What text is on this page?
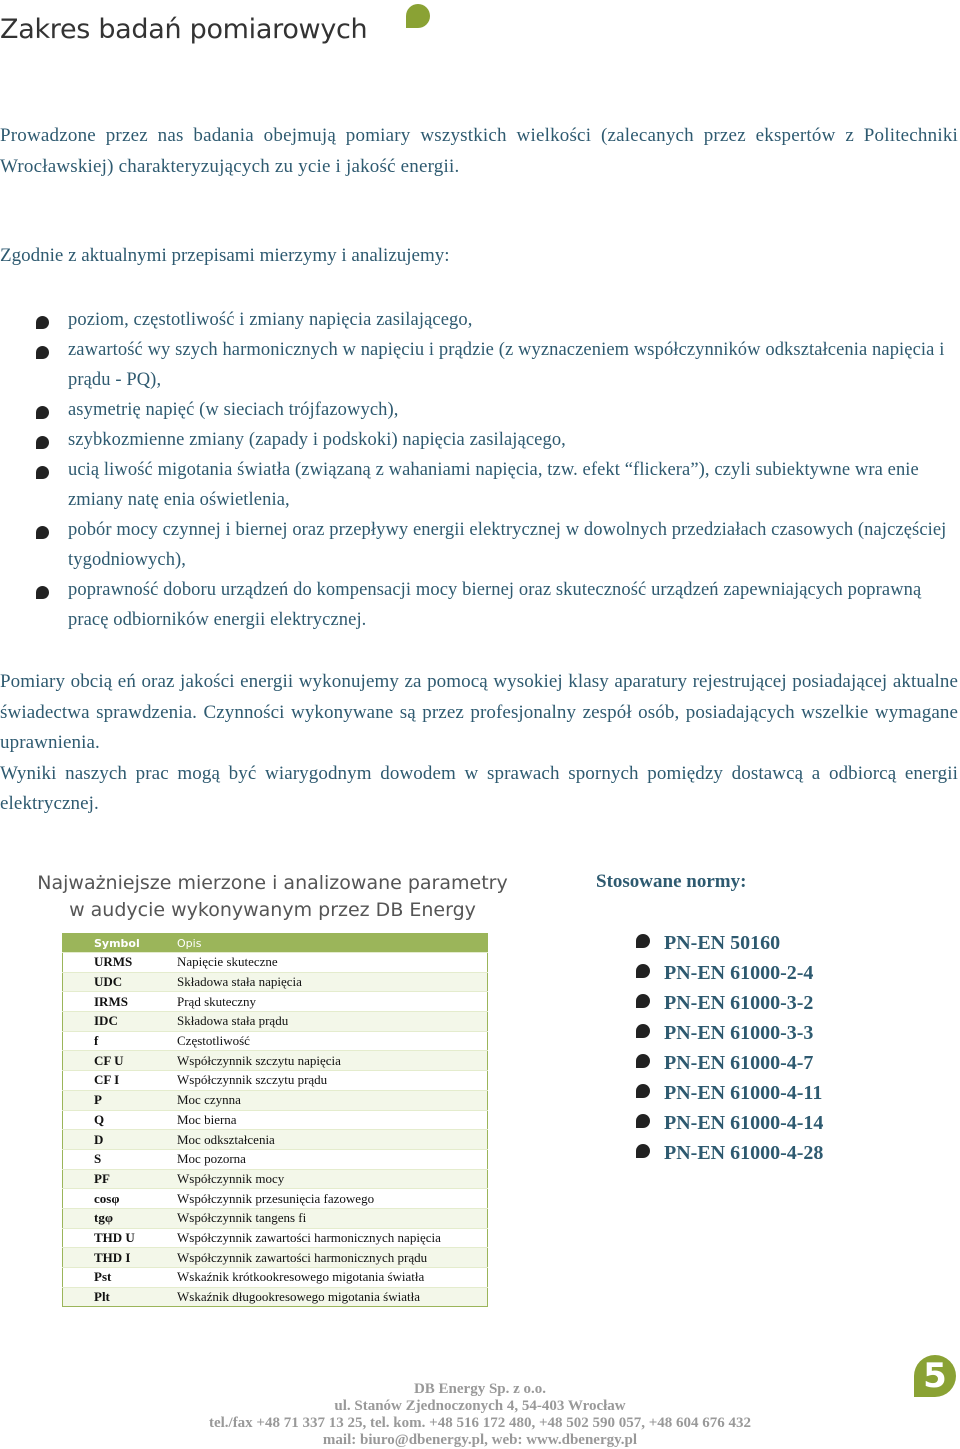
Zakres badań pomiarowych
Prowadzone przez nas badania obejmują pomiary wszystkich wielkości (zalecanych przez ekspertów z Politechniki Wrocławskiej) charakteryzujących zu ycie i jakość energii.
Zgodnie z aktualnymi przepisami mierzymy i analizujemy:
poziom, częstotliwość i zmiany napięcia zasilającego,
zawartość wy szych harmonicznych w napięciu i prądzie (z wyznaczeniem współczynników odkształcenia napięcia i prądu - PQ),
asymetrię napięć (w sieciach trójfazowych),
szybkozmienne zmiany (zapady i podskoki) napięcia zasilającego,
ucią liwość migotania światła (związaną z wahaniami napięcia, tzw. efekt “flickera”), czyli subiektywne wra enie zmiany natę enia oświetlenia,
pobór mocy czynnej i biernej oraz przepływy energii elektrycznej w dowolnych przedziałach czasowych (najczęściej tygodniowych),
poprawność doboru urządzeń do kompensacji mocy biernej oraz skuteczność urządzeń zapewniających poprawną pracę odbiorników energii elektrycznej.

Pomiary obcią eń oraz jakości energii wykonujemy za pomocą wysokiej klasy aparatury rejestrującej posiadającej aktualne świadectwa sprawdzenia. Czynności wykonywane są przez profesjonalny zespół osób, posiadających wszelkie wymagane uprawnienia.

Wyniki naszych prac mogą być wiarygodnym dowodem w sprawach spornych pomiędzy dostawcą a odbiorcą energii elektrycznej.

Najważniejsze mierzone i analizowane parametry
w audycie wykonywanym przez DB Energy
Symbol	Opis
URMS	Napięcie skuteczne
UDC	Składowa stała napięcia
IRMS	Prąd skuteczny
IDC	Składowa stała prądu
f	Częstotliwość
CF U	Współczynnik szczytu napięcia
CF I	Współczynnik szczytu prądu
P	Moc czynna
Q	Moc bierna
D	Moc odkształcenia
S	Moc pozorna
PF	Współczynnik mocy
cosφ	Współczynnik przesunięcia fazowego
tgφ	Współczynnik tangens fi
THD U	Współczynnik zawartości harmonicznych napięcia
THD I	Współczynnik zawartości harmonicznych prądu
Pst	Wskaźnik krótkookresowego migotania światła
Plt	Wskaźnik długookresowego migotania światła
Stosowane normy:
PN-EN 50160
PN-EN 61000-2-4
PN-EN 61000-3-2
PN-EN 61000-3-3
PN-EN 61000-4-7
PN-EN 61000-4-11
PN-EN 61000-4-14
PN-EN 61000-4-28
DB Energy Sp. z o.o.
ul. Stanów Zjednoczonych 4, 54-403 Wrocław
tel./fax +48 71 337 13 25, tel. kom. +48 516 172 480, +48 502 590 057, +48 604 676 432
mail: biuro@dbenergy.pl, web: www.dbenergy.pl
5
